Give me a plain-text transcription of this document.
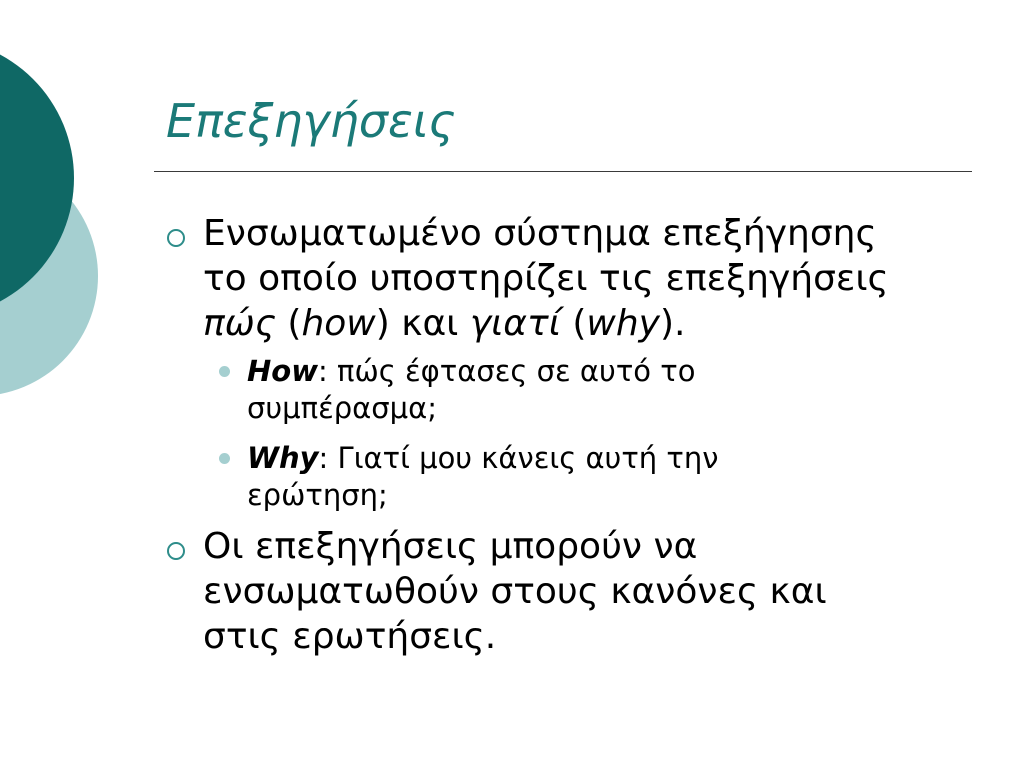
Επεξηγήσεις
Ενσωματωμένο σύστημα επεξήγησης
το οποίο υποστηρίζει τις επεξηγήσεις
πώς (how) και γιατί (why).
How: πώς έφτασες σε αυτό το
συμπέρασμα;
Why: Γιατί μου κάνεις αυτή την
ερώτηση;
Οι επεξηγήσεις μπορούν να
ενσωματωθούν στους κανόνες και
στις ερωτήσεις.
